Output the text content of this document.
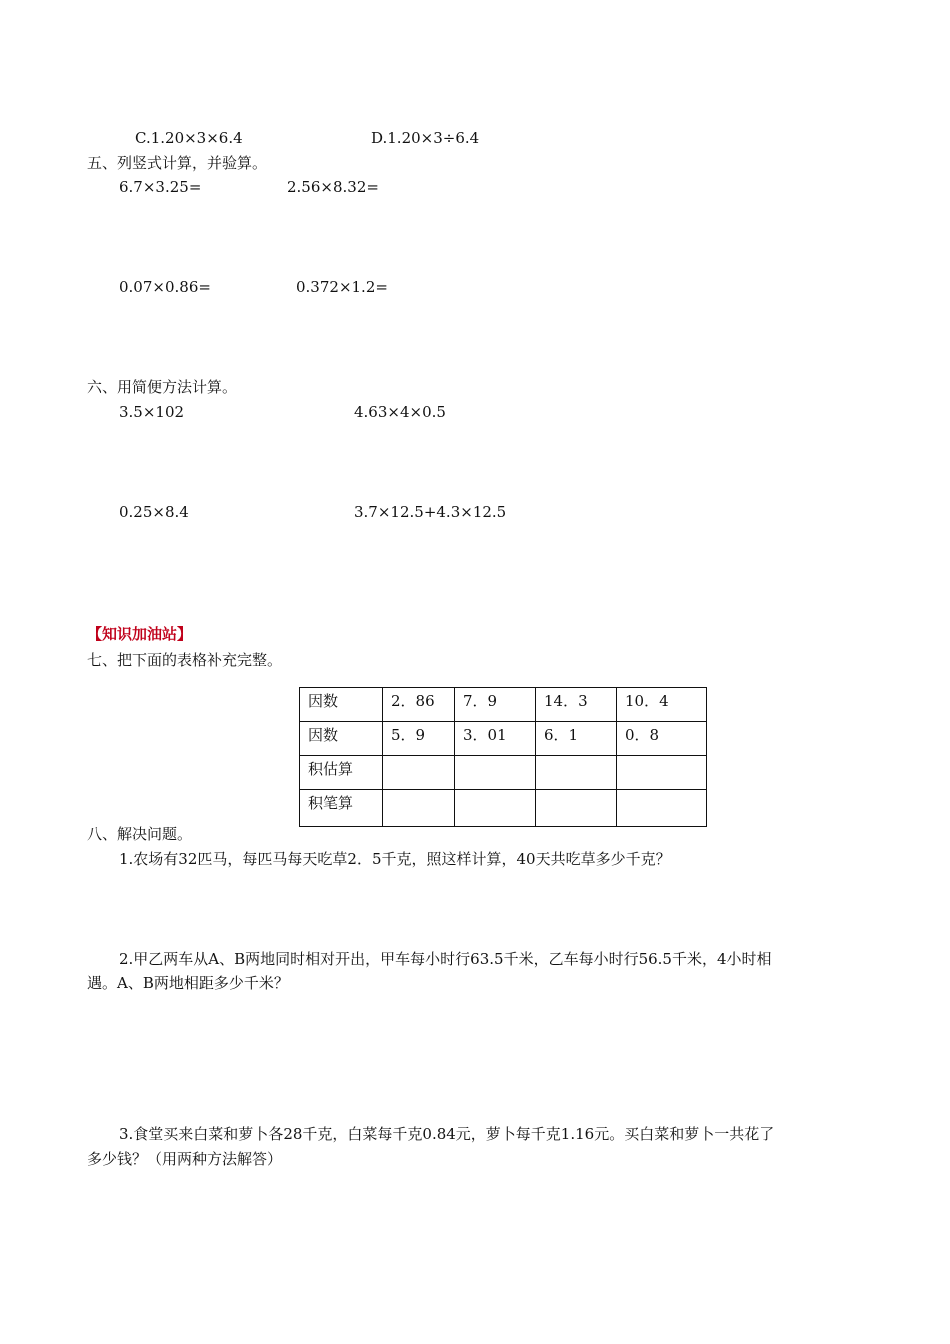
C.1.20×3×6.4	D.1.20×3÷6.4
五、列竖式计算，并验算。
6.7×3.25=	2.56×8.32=
0.07×0.86=	0.372×1.2=
六、用简便方法计算。
3.5×102	4.63×4×0.5
0.25×8.4	3.7×12.5+4.3×12.5
【知识加油站】
七、把下面的表格补充完整。
因数	2．86	7．9	14．3	10．4
因数	5．9	3．01	6．1	0．8
积估算				
积笔算				
八、解决问题。
1.农场有32匹马，每匹马每天吃草2．5千克，照这样计算，40天共吃草多少千克？
2.甲乙两车从A、B两地同时相对开出，甲车每小时行63.5千米，乙车每小时行56.5千米，4小时相
遇。A、B两地相距多少千米？
3.食堂买来白菜和萝卜各28千克，白菜每千克0.84元，萝卜每千克1.16元。买白菜和萝卜一共花了
多少钱？（用两种方法解答）
